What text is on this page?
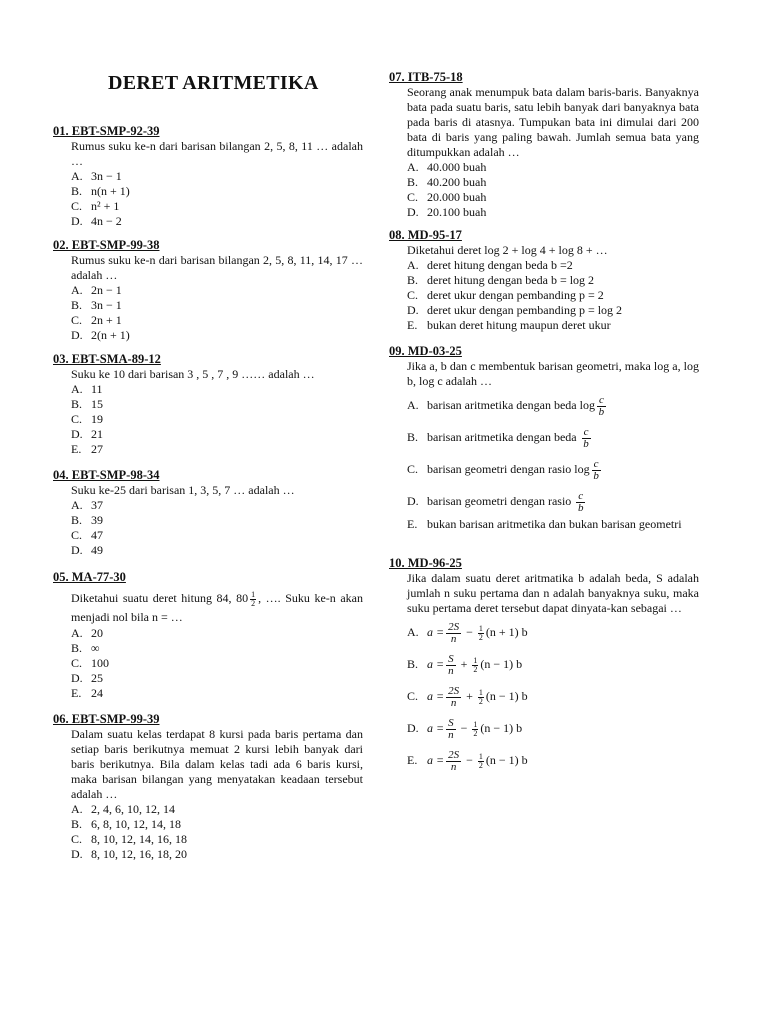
DERET ARITMETIKA
01. EBT-SMP-92-39
Rumus suku ke-n dari barisan bilangan 2, 5, 8, 11 … adalah …
A. 3n − 1
B. n(n + 1)
C. n² + 1
D. 4n − 2
02. EBT-SMP-99-38
Rumus suku ke-n dari barisan bilangan 2, 5, 8, 11, 14, 17 … adalah …
A. 2n − 1
B. 3n − 1
C. 2n + 1
D. 2(n + 1)
03. EBT-SMA-89-12
Suku ke 10 dari barisan 3 , 5 , 7 , 9 …… adalah …
A. 11
B. 15
C. 19
D. 21
E. 27
04. EBT-SMP-98-34
Suku ke-25 dari barisan 1, 3, 5, 7 … adalah …
A. 37
B. 39
C. 47
D. 49
05. MA-77-30
Diketahui suatu deret hitung 84, $80 \frac{1}{2}$ , …. Suku ke-n akan menjadi nol bila n = …
A. 20
B. ∞
C. 100
D. 25
E. 24
06. EBT-SMP-99-39
Dalam suatu kelas terdapat 8 kursi pada baris pertama dan setiap baris berikutnya memuat 2 kursi lebih banyak dari baris berikutnya. Bila dalam kelas tadi ada 6 baris kursi, maka barisan bilangan yang menyatakan keadaan tersebut adalah …
A. 2, 4, 6, 10, 12, 14
B. 6, 8, 10, 12, 14, 18
C. 8, 10, 12, 14, 16, 18
D. 8, 10, 12, 16, 18, 20
07. ITB-75-18
Seorang anak menumpuk bata dalam baris-baris. Banyaknya bata pada suatu baris, satu lebih banyak dari banyaknya bata pada baris di atasnya. Tumpukan bata ini dimulai dari 200 bata di baris yang paling bawah. Jumlah semua bata yang ditumpukkan adalah …
A. 40.000 buah
B. 40.200 buah
C. 20.000 buah
D. 20.100 buah
08. MD-95-17
Diketahui deret log 2 + log 4 + log 8 + …
A. deret hitung dengan beda b =2
B. deret hitung dengan beda b = log 2
C. deret ukur dengan pembanding p = 2
D. deret ukur dengan pembanding p = log 2
E. bukan deret hitung maupun deret ukur
09. MD-03-25
Jika a, b dan c membentuk barisan geometri, maka log a, log b, log c adalah …
A. barisan aritmetika dengan beda $\log \frac{c}{b}$
B. barisan aritmetika dengan beda $\frac{c}{b}$
C. barisan geometri dengan rasio $\log \frac{c}{b}$
D. barisan geometri dengan rasio $\frac{c}{b}$
E. bukan barisan aritmetika dan bukan barisan geometri
10. MD-96-25
Jika dalam suatu deret aritmatika b adalah beda, S adalah jumlah n suku pertama dan n adalah banyaknya suku, maka suku pertama deret tersebut dapat dinyata-kan sebagai …
A. $a = \frac{2S}{n} - \frac{1}{2} (n + 1)$ b
B. $a = \frac{S}{n} + \frac{1}{2} (n - 1)$ b
C. $a = \frac{2S}{n} + \frac{1}{2} (n - 1)$ b
D. $a = \frac{S}{n} - \frac{1}{2} (n - 1)$ b
E. $a = \frac{2S}{n} - \frac{1}{2} (n - 1)$ b
